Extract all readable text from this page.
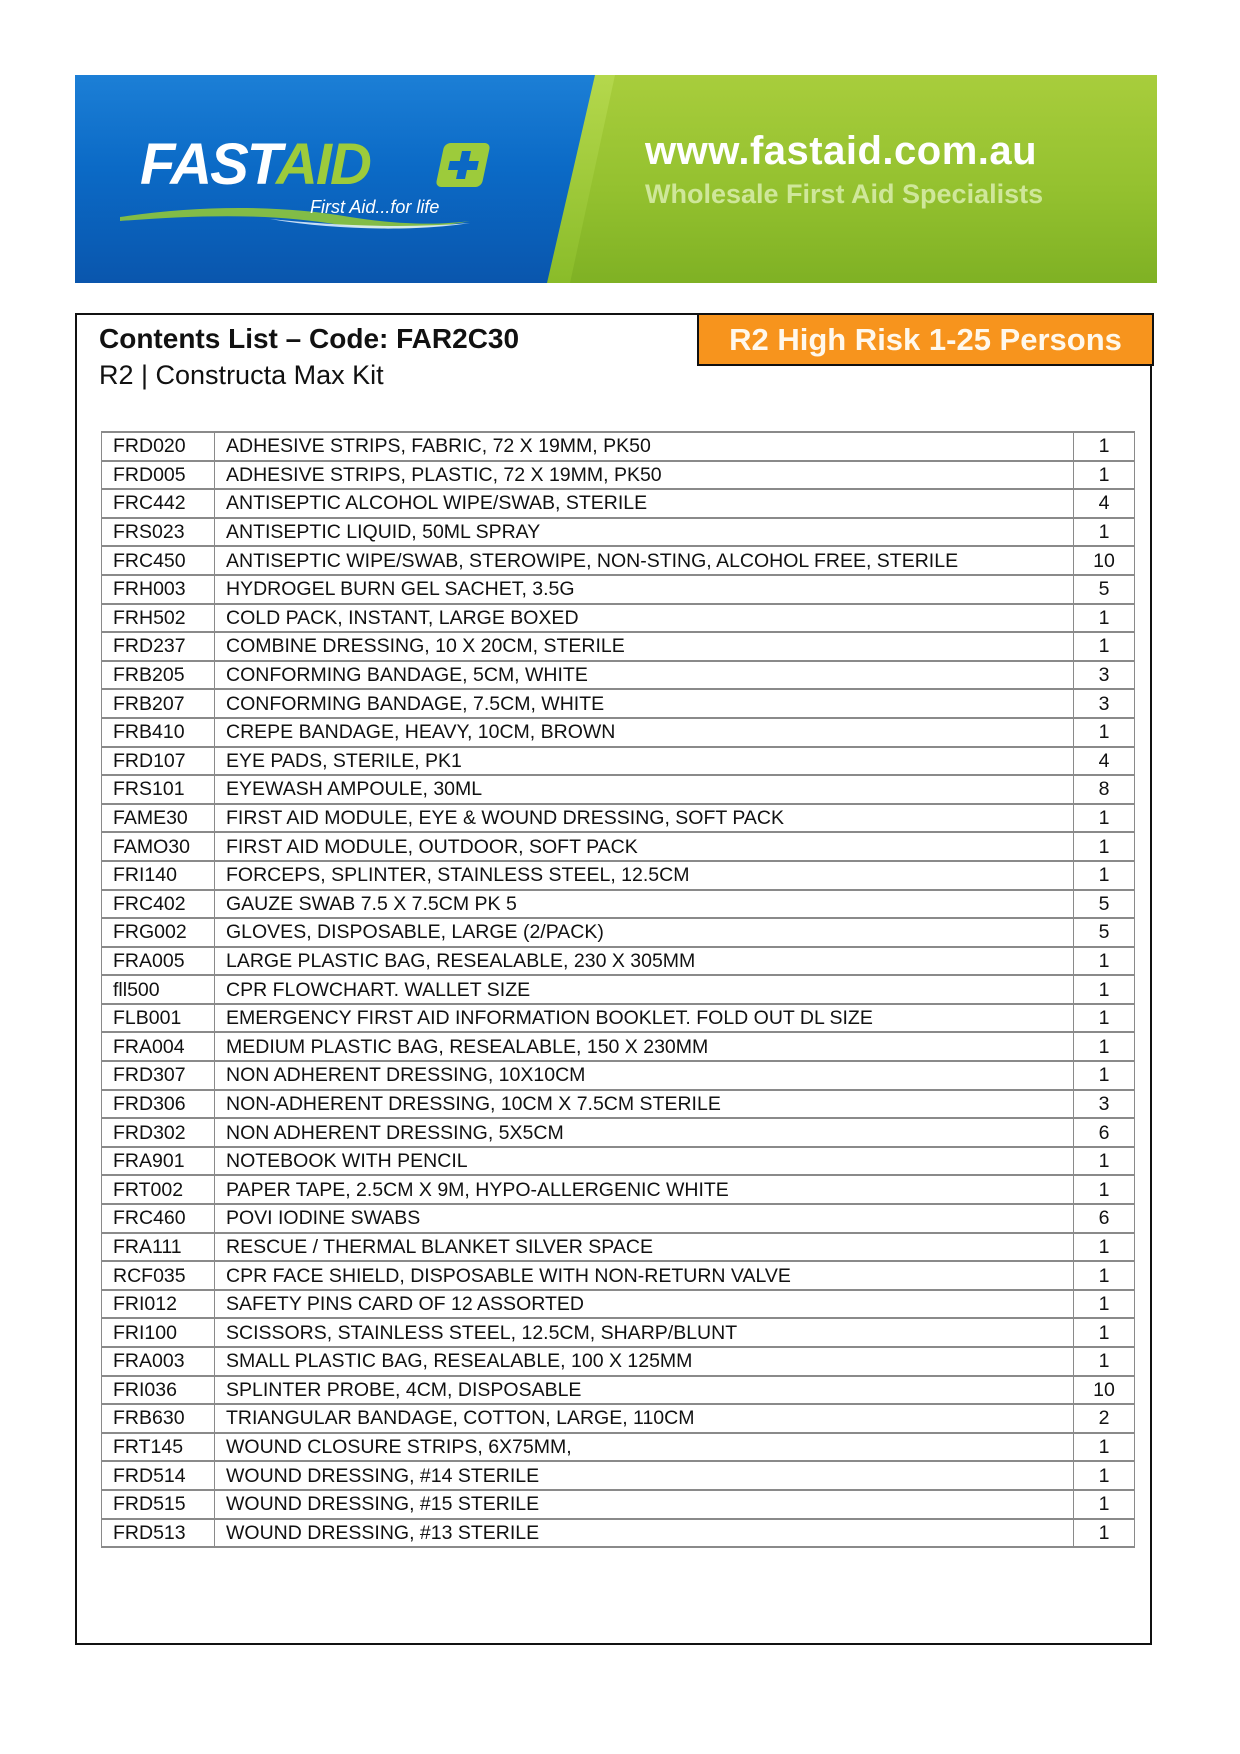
FASTAID
First Aid...for life
www.fastaid.com.au
Wholesale First Aid Specialists
Contents List – Code: FAR2C30
R2 | Constructa Max Kit
R2 High Risk 1-25 Persons
FRD020	ADHESIVE STRIPS, FABRIC, 72 X 19MM, PK50	1
FRD005	ADHESIVE STRIPS, PLASTIC, 72 X 19MM, PK50	1
FRC442	ANTISEPTIC ALCOHOL WIPE/SWAB, STERILE	4
FRS023	ANTISEPTIC LIQUID, 50ML SPRAY	1
FRC450	ANTISEPTIC WIPE/SWAB, STEROWIPE, NON-STING, ALCOHOL FREE, STERILE	10
FRH003	HYDROGEL BURN GEL SACHET, 3.5G	5
FRH502	COLD PACK, INSTANT, LARGE BOXED	1
FRD237	COMBINE DRESSING, 10 X 20CM, STERILE	1
FRB205	CONFORMING BANDAGE, 5CM, WHITE	3
FRB207	CONFORMING BANDAGE, 7.5CM, WHITE	3
FRB410	CREPE BANDAGE, HEAVY, 10CM, BROWN	1
FRD107	EYE PADS, STERILE, PK1	4
FRS101	EYEWASH AMPOULE, 30ML	8
FAME30	FIRST AID MODULE, EYE & WOUND DRESSING, SOFT PACK	1
FAMO30	FIRST AID MODULE, OUTDOOR, SOFT PACK	1
FRI140	FORCEPS, SPLINTER, STAINLESS STEEL, 12.5CM	1
FRC402	GAUZE SWAB 7.5 X 7.5CM PK 5	5
FRG002	GLOVES, DISPOSABLE, LARGE (2/PACK)	5
FRA005	LARGE PLASTIC BAG, RESEALABLE, 230 X 305MM	1
fll500	CPR FLOWCHART. WALLET SIZE	1
FLB001	EMERGENCY FIRST AID INFORMATION BOOKLET. FOLD OUT DL SIZE	1
FRA004	MEDIUM PLASTIC BAG, RESEALABLE, 150 X 230MM	1
FRD307	NON ADHERENT DRESSING, 10X10CM	1
FRD306	NON-ADHERENT DRESSING, 10CM X 7.5CM STERILE	3
FRD302	NON ADHERENT DRESSING, 5X5CM	6
FRA901	NOTEBOOK WITH PENCIL	1
FRT002	PAPER TAPE, 2.5CM X 9M, HYPO-ALLERGENIC WHITE	1
FRC460	POVI IODINE SWABS	6
FRA111	RESCUE / THERMAL BLANKET SILVER SPACE	1
RCF035	CPR FACE SHIELD, DISPOSABLE WITH NON-RETURN VALVE	1
FRI012	SAFETY PINS CARD OF 12 ASSORTED	1
FRI100	SCISSORS, STAINLESS STEEL, 12.5CM, SHARP/BLUNT	1
FRA003	SMALL PLASTIC BAG, RESEALABLE, 100 X 125MM	1
FRI036	SPLINTER PROBE, 4CM, DISPOSABLE	10
FRB630	TRIANGULAR BANDAGE, COTTON, LARGE, 110CM	2
FRT145	WOUND CLOSURE STRIPS, 6X75MM,	1
FRD514	WOUND DRESSING, #14 STERILE	1
FRD515	WOUND DRESSING, #15 STERILE	1
FRD513	WOUND DRESSING, #13 STERILE	1
